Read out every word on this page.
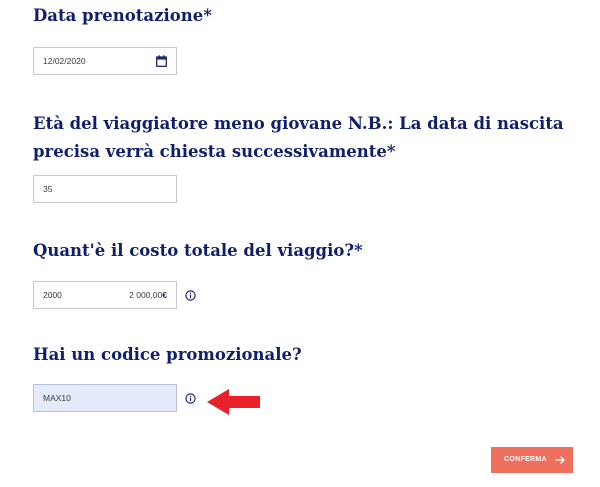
Data prenotazione*
12/02/2020
Età del viaggiatore meno giovane N.B.: La data di nascita precisa verrà chiesta successivamente*
35
Quant'è il costo totale del viaggio?*
2000	2 000,00€
Hai un codice promozionale?
MAX10
CONFERMA
